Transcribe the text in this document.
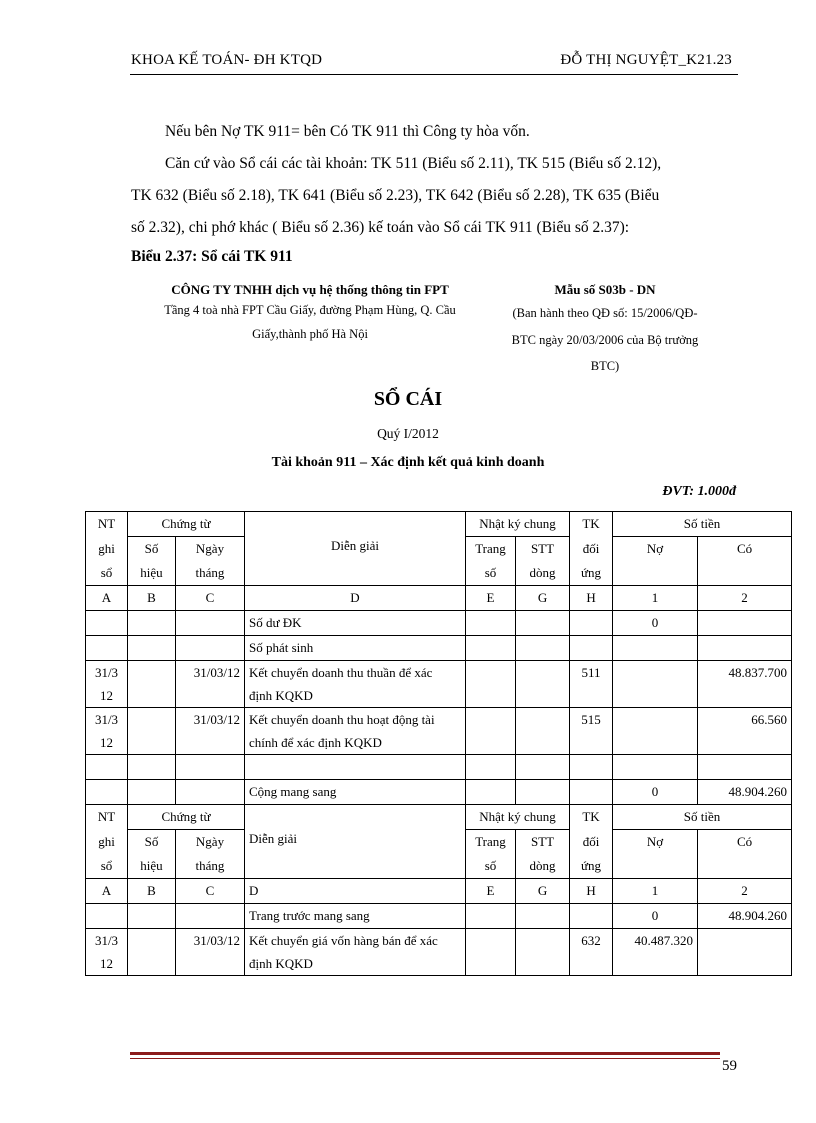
KHOA KẾ TOÁN- ĐH KTQD	ĐỖ THỊ NGUYỆT_K21.23
Nếu bên Nợ TK 911= bên Có TK 911 thì Công ty hòa vốn.
Căn cứ vào Sổ cái các tài khoản: TK 511 (Biểu số 2.11), TK 515 (Biểu số 2.12),
TK 632 (Biểu số 2.18), TK 641 (Biểu số 2.23), TK 642 (Biểu số 2.28), TK 635 (Biểu
số 2.32), chi phớ khác ( Biểu số 2.36) kế toán vào Sổ cái TK 911 (Biểu số 2.37):
Biểu 2.37: Sổ cái TK 911
CÔNG TY TNHH dịch vụ hệ thống thông tin FPT
Tầng 4 toà nhà FPT Cầu Giấy, đường Phạm Hùng, Q. Cầu
Giấy,thành phố Hà Nội
Mẫu số S03b - DN
(Ban hành theo QĐ số: 15/2006/QĐ-
BTC ngày 20/03/2006 của Bộ trưởng
BTC)
SỔ CÁI
Quý I/2012
Tài khoản 911 – Xác định kết quả kinh doanh
ĐVT: 1.000đ
NT	Chứng từ		Diễn giải	Nhật ký chung		TK	Số tiền	
ghi	Số	Ngày		Trang	STT	đối	Nợ	Có
sổ	hiệu	tháng		số	dòng	ứng		
A	B	C	D	E	G	H	1	2
			Số dư ĐK				0	
			Số phát sinh					
31/3
12		31/03/12	Kết chuyển doanh thu thuần để xác
định KQKD			511		48.837.700
31/3
12		31/03/12	Kết chuyển doanh thu hoạt động tài
chính để xác định KQKD			515		66.560

			Cộng mang sang				0	48.904.260
NT	Chứng từ		Diễn giải	Nhật ký chung		TK	Số tiền	
ghi	Số	Ngày		Trang	STT	đối	Nợ	Có
sổ	hiệu	tháng		số	dòng	ứng		
A	B	C	D	E	G	H	1	2
			Trang trước mang sang				0	48.904.260
31/3
12		31/03/12	Kết chuyển giá vốn hàng bán để xác
định KQKD			632	40.487.320	
59
